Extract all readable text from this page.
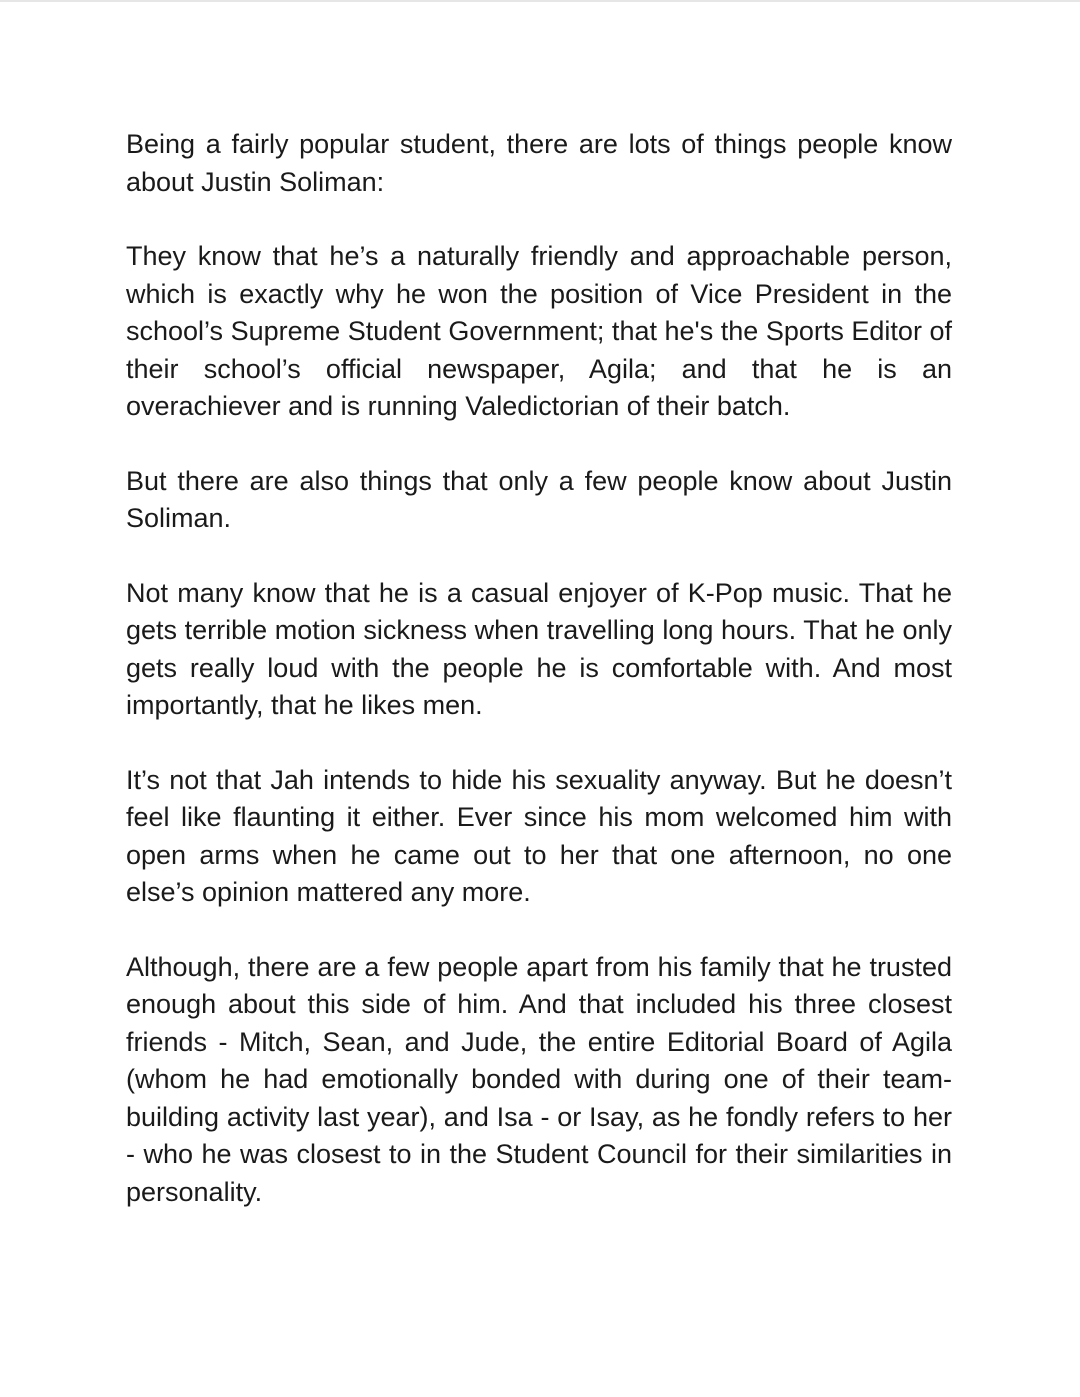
Being a fairly popular student, there are lots of things people know about Justin Soliman:

They know that he’s a naturally friendly and approachable person, which is exactly why he won the position of Vice President in the school’s Supreme Student Government; that he's the Sports Editor of their school’s official newspaper, Agila; and that he is an overachiever and is running Valedictorian of their batch.

But there are also things that only a few people know about Justin Soliman.

Not many know that he is a casual enjoyer of K-Pop music. That he gets terrible motion sickness when travelling long hours. That he only gets really loud with the people he is comfortable with. And most importantly, that he likes men.

It’s not that Jah intends to hide his sexuality anyway. But he doesn’t feel like flaunting it either. Ever since his mom welcomed him with open arms when he came out to her that one afternoon, no one else’s opinion mattered any more.

Although, there are a few people apart from his family that he trusted enough about this side of him. And that included his three closest friends - Mitch, Sean, and Jude, the entire Editorial Board of Agila (whom he had emotionally bonded with during one of their team-building activity last year), and Isa - or Isay, as he fondly refers to her - who he was closest to in the Student Council for their similarities in personality.
